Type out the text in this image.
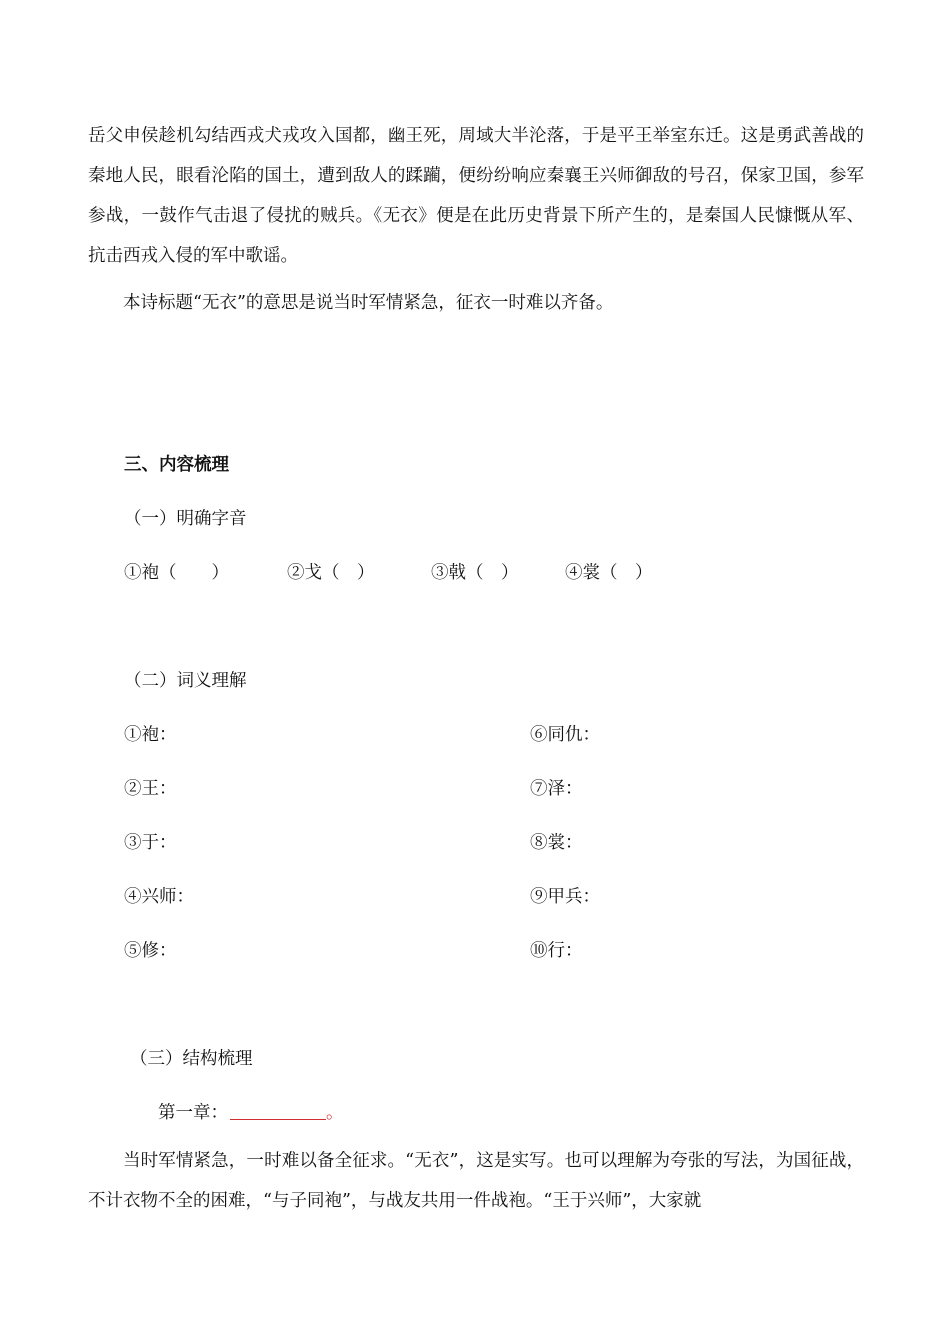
岳父申侯趁机勾结西戎犬戎攻入国都，幽王死，周域大半沦落，于是平王举室东迁。这是勇武善战的秦地人民，眼看沦陷的国土，遭到敌人的蹂躏，便纷纷响应秦襄王兴师御敌的号召，保家卫国，参军参战，一鼓作气击退了侵扰的贼兵。《无衣》便是在此历史背景下所产生的，是秦国人民慷慨从军、抗击西戎入侵的军中歌谣。

本诗标题“无衣”的意思是说当时军情紧急，征衣一时难以齐备。

三、内容梳理

（一）明确字音

①袍（　　）	②戈（　）	③戟（　）	④裳（　）

（二）词义理解

①袍：

②王：

③于：

④兴师：

⑤修：

⑥同仇：

⑦泽：

⑧裳：

⑨甲兵：

⑩行：

（三）结构梳理

第一章：	。

当时军情紧急，一时难以备全征求。“无衣”，这是实写。也可以理解为夸张的写法，为国征战，不计衣物不全的困难，“与子同袍”，与战友共用一件战袍。“王于兴师”，大家就
